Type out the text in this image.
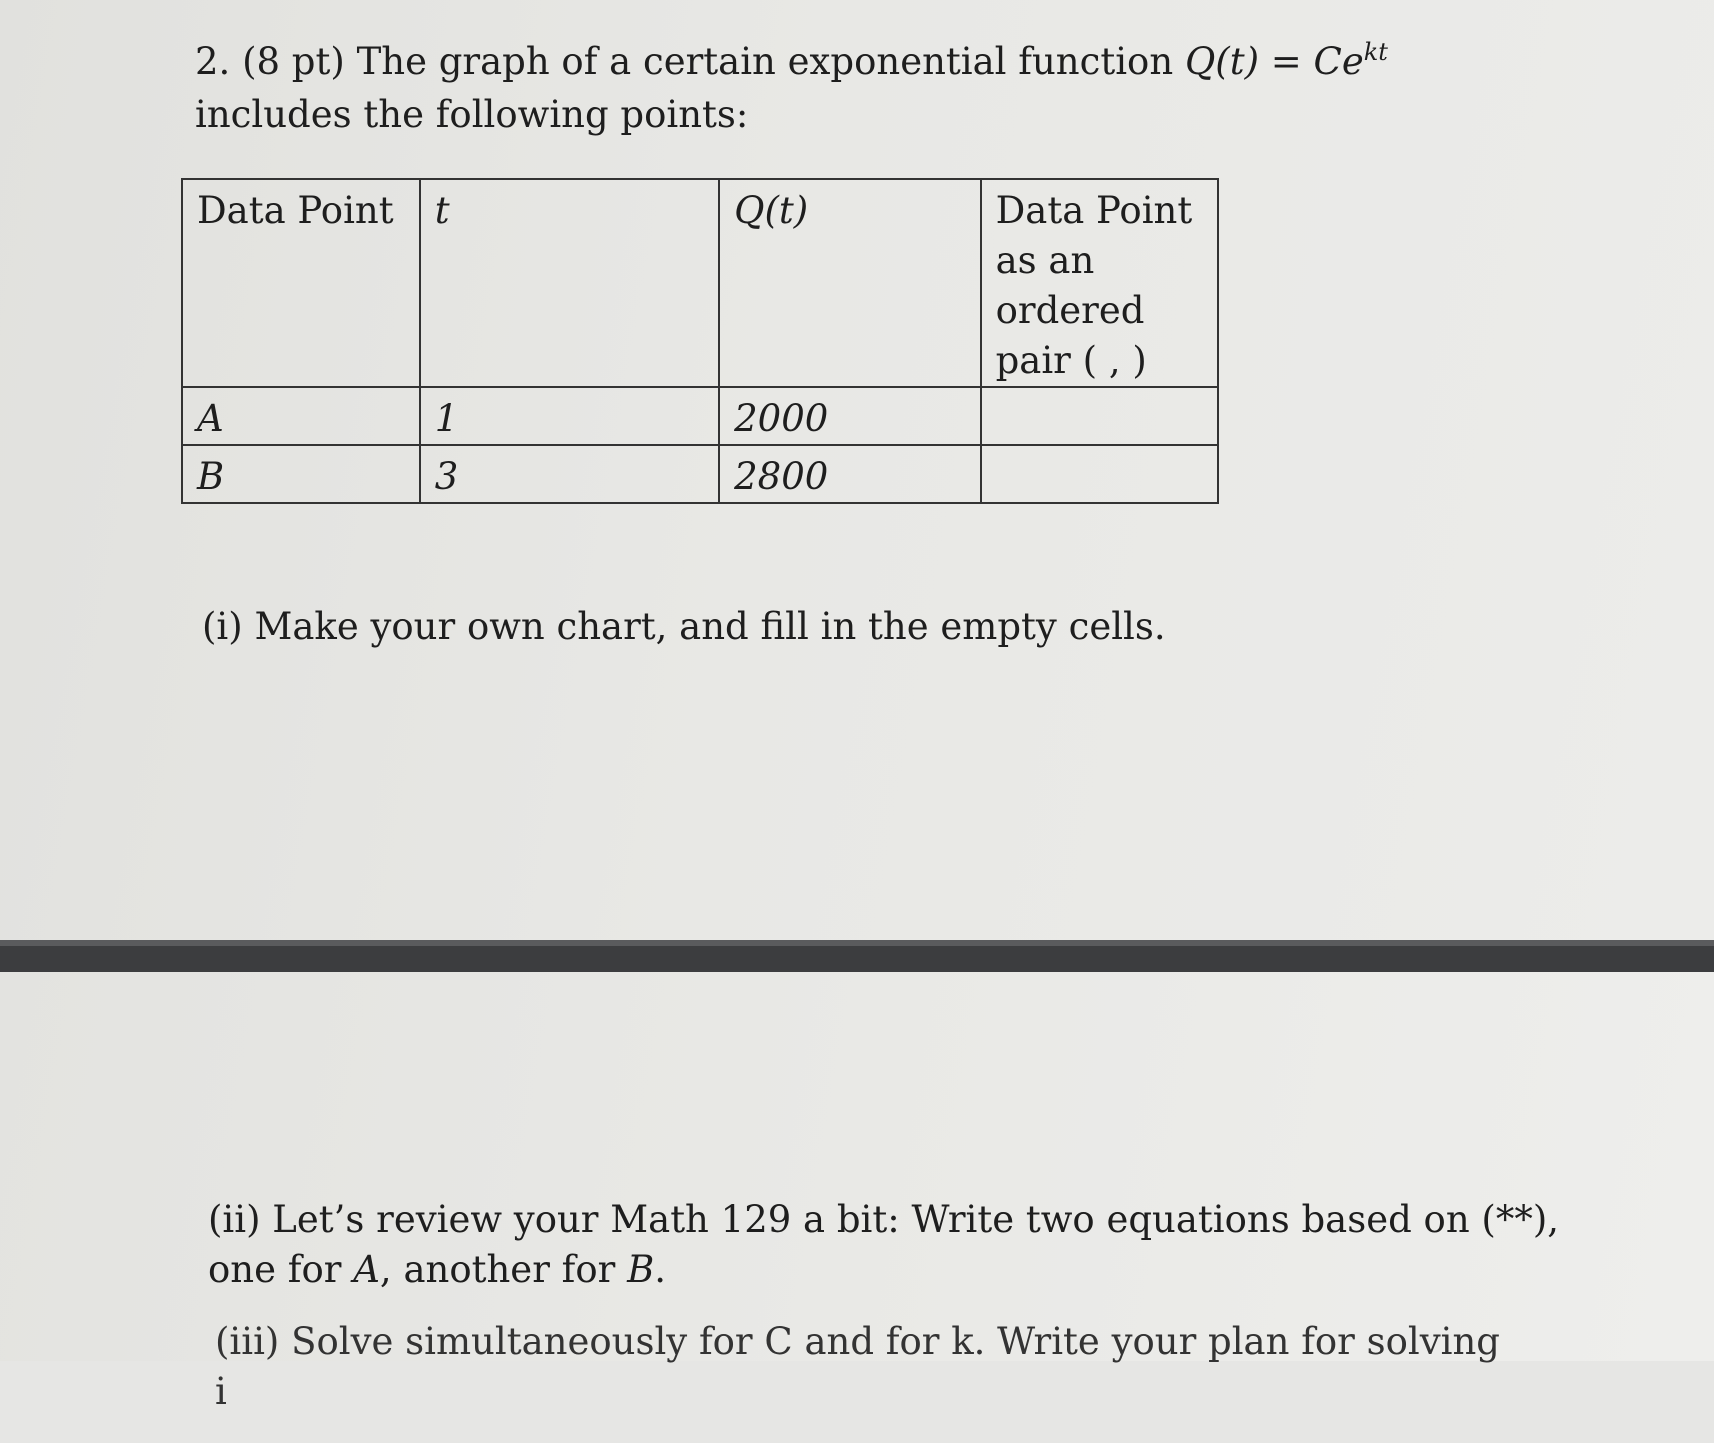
2. (8 pt) The graph of a certain exponential function $Q(t) = Ce^{kt}$
includes the following points:
Data Point	t	Q(t)	Data Point as an ordered pair ( , )
A	1	2000	
B	3	2800	
(i) Make your own chart, and fill in the empty cells.
(ii) Let’s review your Math 129 a bit: Write two equations based on (**),
one for A, another for B.
(iii) Solve simultaneously for C and for k. Write your plan for solving i
